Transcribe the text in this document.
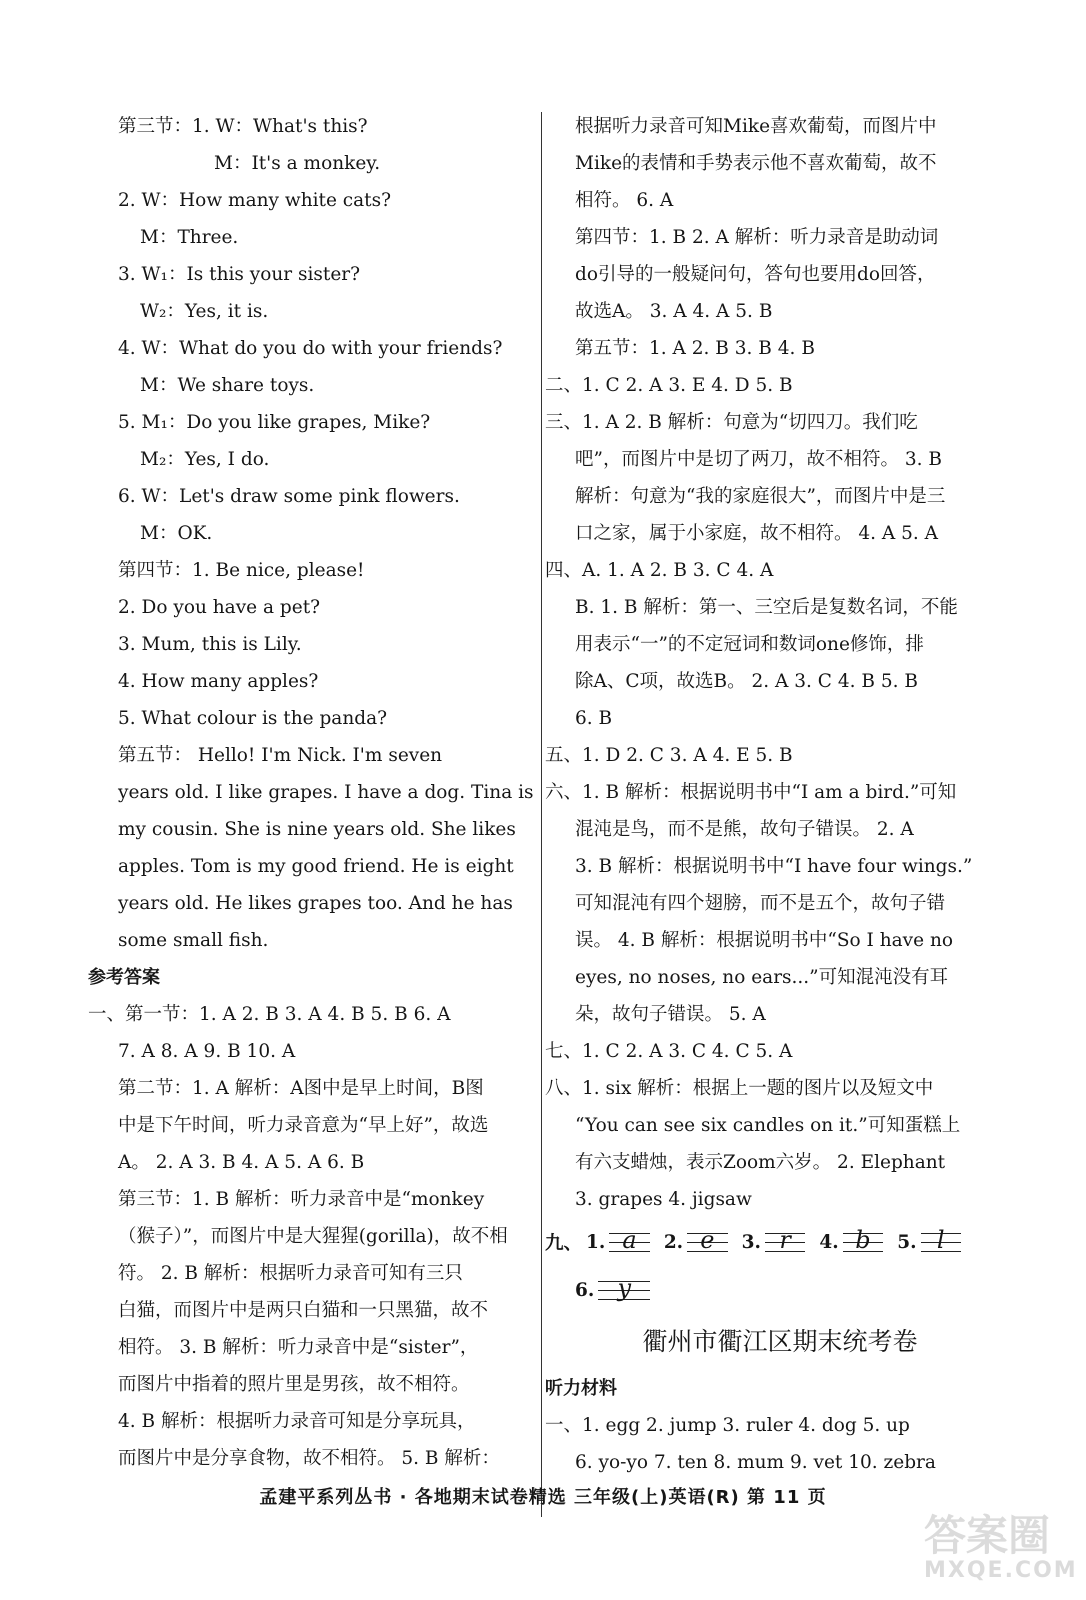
第三节：1. W：What's this?
M：It's a monkey.
2. W：How many white cats?
M：Three.
3. W₁：Is this your sister?
W₂：Yes, it is.
4. W：What do you do with your friends?
M：We share toys.
5. M₁：Do you like grapes, Mike?
M₂：Yes, I do.
6. W：Let's draw some pink flowers.
M：OK.
第四节：1. Be nice, please!
2. Do you have a pet?
3. Mum, this is Lily.
4. How many apples?
5. What colour is the panda?
第五节： Hello! I'm Nick. I'm seven
years old. I like grapes. I have a dog. Tina is
my cousin. She is nine years old. She likes
apples. Tom is my good friend. He is eight
years old. He likes grapes too. And he has
some small fish.
参考答案
一、第一节：1. A 2. B 3. A 4. B 5. B 6. A
7. A 8. A 9. B 10. A
第二节：1. A 解析：A图中是早上时间，B图
中是下午时间，听力录音意为“早上好”，故选
A。 2. A 3. B 4. A 5. A 6. B
第三节：1. B 解析：听力录音中是“monkey
（猴子）”，而图片中是大猩猩(gorilla)，故不相
符。 2. B 解析：根据听力录音可知有三只
白猫，而图片中是两只白猫和一只黑猫，故不
相符。 3. B 解析：听力录音中是“sister”，
而图片中指着的照片里是男孩，故不相符。
4. B 解析：根据听力录音可知是分享玩具，
而图片中是分享食物，故不相符。 5. B 解析：
根据听力录音可知Mike喜欢葡萄，而图片中
Mike的表情和手势表示他不喜欢葡萄，故不
相符。 6. A
第四节：1. B 2. A 解析：听力录音是助动词
do引导的一般疑问句，答句也要用do回答，
故选A。 3. A 4. A 5. B
第五节：1. A 2. B 3. B 4. B
二、1. C 2. A 3. E 4. D 5. B
三、1. A 2. B 解析：句意为“切四刀。我们吃
吧”，而图片中是切了两刀，故不相符。 3. B
解析：句意为“我的家庭很大”，而图片中是三
口之家，属于小家庭，故不相符。 4. A 5. A
四、A. 1. A 2. B 3. C 4. A
B. 1. B 解析：第一、三空后是复数名词，不能
用表示“一”的不定冠词和数词one修饰，排
除A、C项，故选B。 2. A 3. C 4. B 5. B
6. B
五、1. D 2. C 3. A 4. E 5. B
六、1. B 解析：根据说明书中“I am a bird.”可知
混沌是鸟，而不是熊，故句子错误。 2. A
3. B 解析：根据说明书中“I have four wings.”
可知混沌有四个翅膀，而不是五个，故句子错
误。 4. B 解析：根据说明书中“So I have no
eyes, no noses, no ears...”可知混沌没有耳
朵，故句子错误。 5. A
七、1. C 2. A 3. C 4. C 5. A
八、1. six 解析：根据上一题的图片以及短文中
“You can see six candles on it.”可知蛋糕上
有六支蜡烛，表示Zoom六岁。 2. Elephant
3. grapes 4. jigsaw
九、 1. a	2. e	3. r	4. b	5. l
6. y
衢州市衢江区期末统考卷
听力材料
一、1. egg 2. jump 3. ruler 4. dog 5. up
6. yo-yo 7. ten 8. mum 9. vet 10. zebra
孟建平系列丛书 · 各地期末试卷精选 三年级(上)英语(R) 第 11 页
答案圈
MXQE.COM
